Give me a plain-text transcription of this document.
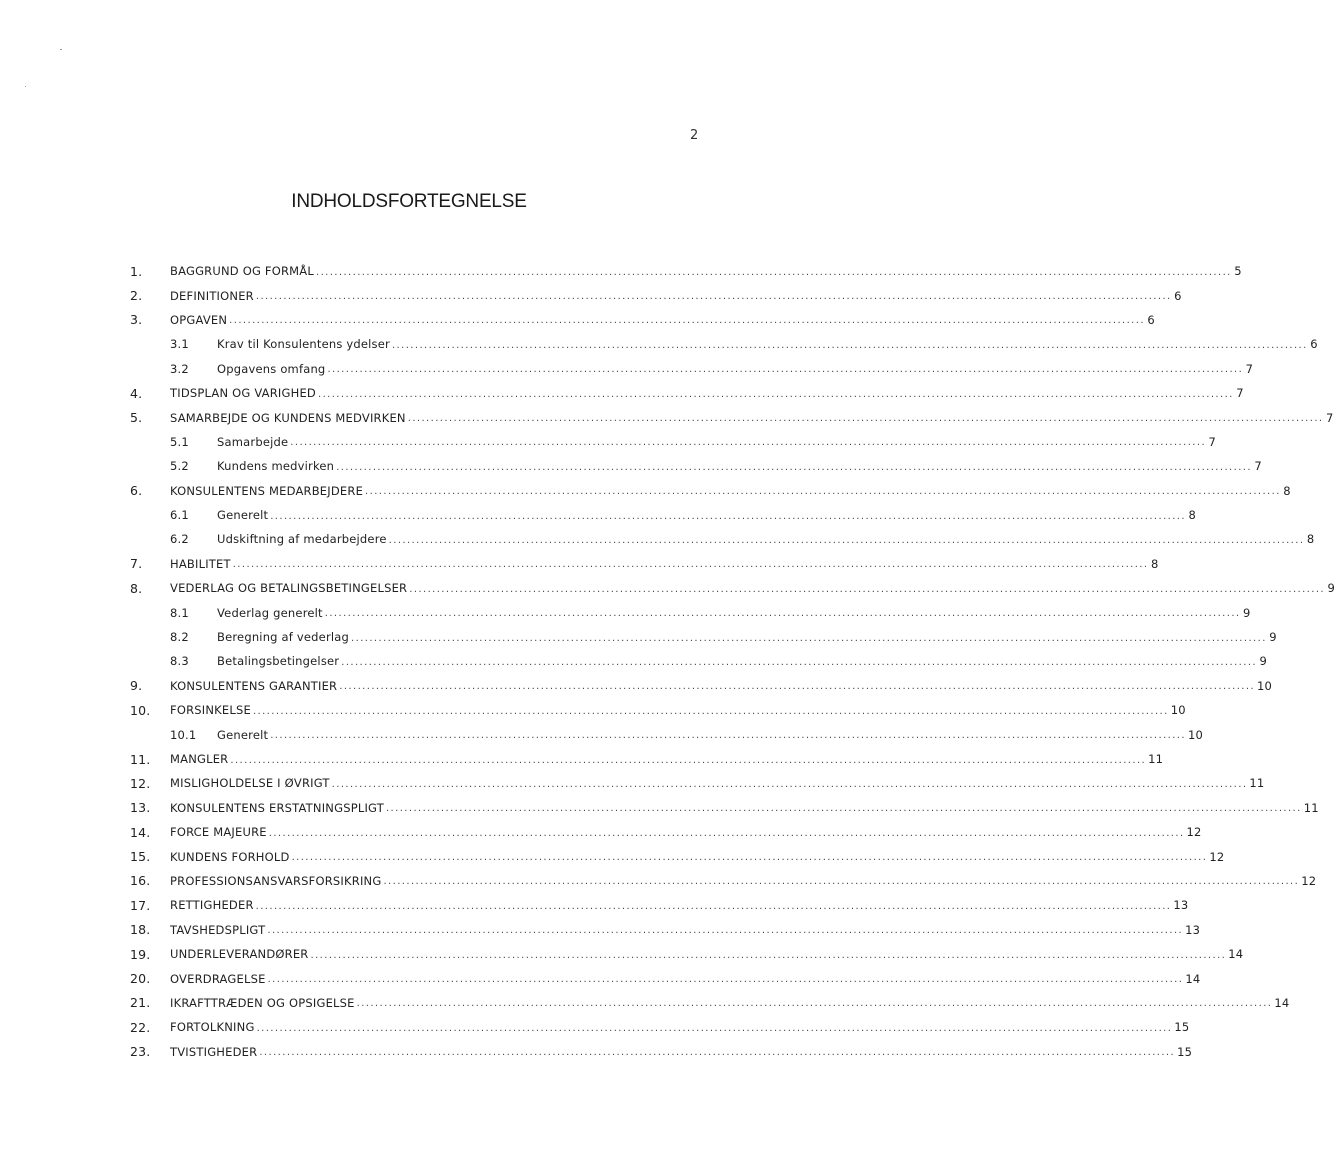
2
INDHOLDSFORTEGNELSE
1.	BAGGRUND OG FORMÅL ........................................................................................................................................................................................................ 5
2.	DEFINITIONER ........................................................................................................................................................................................................ 6
3.	OPGAVEN ........................................................................................................................................................................................................ 6
3.1	Krav til Konsulentens ydelser ........................................................................................................................................................................................................ 6
3.2	Opgavens omfang ........................................................................................................................................................................................................ 7
4.	TIDSPLAN OG VARIGHED ........................................................................................................................................................................................................ 7
5.	SAMARBEJDE OG KUNDENS MEDVIRKEN ........................................................................................................................................................................................................ 7
5.1	Samarbejde ........................................................................................................................................................................................................ 7
5.2	Kundens medvirken ........................................................................................................................................................................................................ 7
6.	KONSULENTENS MEDARBEJDERE ........................................................................................................................................................................................................ 8
6.1	Generelt ........................................................................................................................................................................................................ 8
6.2	Udskiftning af medarbejdere ........................................................................................................................................................................................................ 8
7.	HABILITET ........................................................................................................................................................................................................ 8
8.	VEDERLAG OG BETALINGSBETINGELSER ........................................................................................................................................................................................................ 9
8.1	Vederlag generelt ........................................................................................................................................................................................................ 9
8.2	Beregning af vederlag ........................................................................................................................................................................................................ 9
8.3	Betalingsbetingelser ........................................................................................................................................................................................................ 9
9.	KONSULENTENS GARANTIER ........................................................................................................................................................................................................ 10
10.	FORSINKELSE ........................................................................................................................................................................................................ 10
10.1	Generelt ........................................................................................................................................................................................................ 10
11.	MANGLER ........................................................................................................................................................................................................ 11
12.	MISLIGHOLDELSE I ØVRIGT ........................................................................................................................................................................................................ 11
13.	KONSULENTENS ERSTATNINGSPLIGT ........................................................................................................................................................................................................ 11
14.	FORCE MAJEURE ........................................................................................................................................................................................................ 12
15.	KUNDENS FORHOLD ........................................................................................................................................................................................................ 12
16.	PROFESSIONSANSVARSFORSIKRING ........................................................................................................................................................................................................ 12
17.	RETTIGHEDER ........................................................................................................................................................................................................ 13
18.	TAVSHEDSPLIGT ........................................................................................................................................................................................................ 13
19.	UNDERLEVERANDØRER ........................................................................................................................................................................................................ 14
20.	OVERDRAGELSE ........................................................................................................................................................................................................ 14
21.	IKRAFTTRÆDEN OG OPSIGELSE ........................................................................................................................................................................................................ 14
22.	FORTOLKNING ........................................................................................................................................................................................................ 15
23.	TVISTIGHEDER ........................................................................................................................................................................................................ 15
